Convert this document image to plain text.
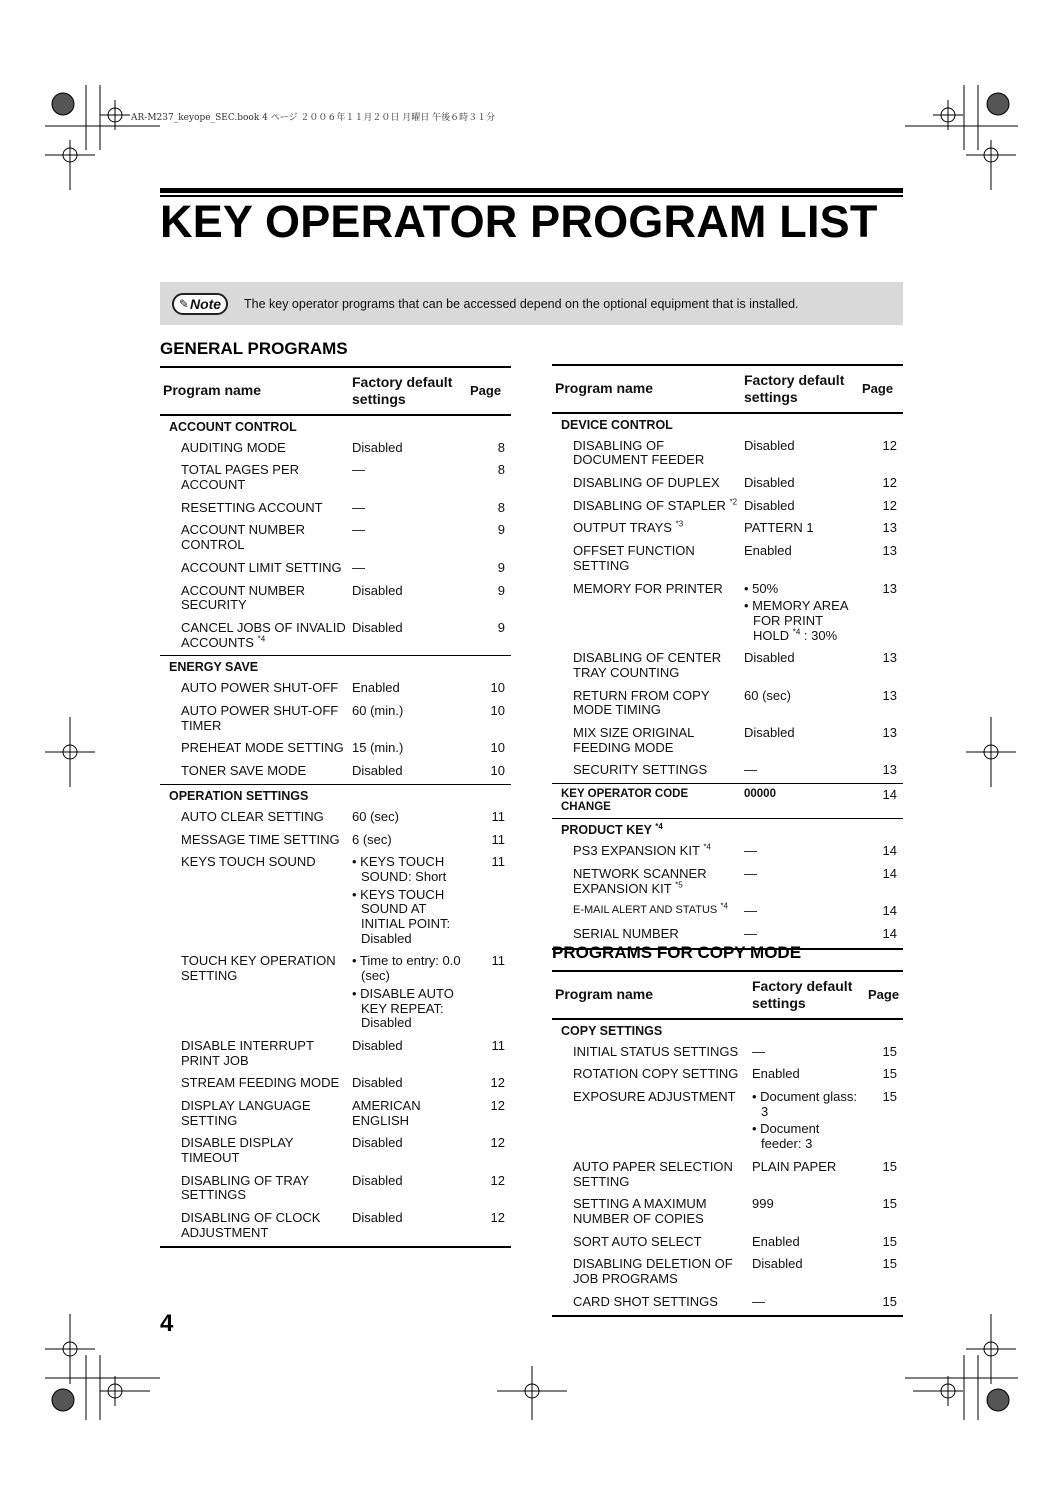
AR-M237_keyope_SEC.book 4 ページ ２００６年１１月２０日 月曜日 午後６時３１分
KEY OPERATOR PROGRAM LIST
✎ Note The key operator programs that can be accessed depend on the optional equipment that is installed.
GENERAL PROGRAMS
Program name	Factory default settings	Page
ACCOUNT CONTROL		
AUDITING MODE	Disabled	8
TOTAL PAGES PER ACCOUNT	—	8
RESETTING ACCOUNT	—	8
ACCOUNT NUMBER CONTROL	—	9
ACCOUNT LIMIT SETTING	—	9
ACCOUNT NUMBER SECURITY	Disabled	9
CANCEL JOBS OF INVALID ACCOUNTS $^{*4}$	Disabled	9
ENERGY SAVE		
AUTO POWER SHUT-OFF	Enabled	10
AUTO POWER SHUT-OFF TIMER	60 (min.)	10
PREHEAT MODE SETTING	15 (min.)	10
TONER SAVE MODE	Disabled	10
OPERATION SETTINGS		
AUTO CLEAR SETTING	60 (sec)	11
MESSAGE TIME SETTING	6 (sec)	11
KEYS TOUCH SOUND	• KEYS TOUCH SOUND: Short
• KEYS TOUCH SOUND AT INITIAL POINT: Disabled	11
TOUCH KEY OPERATION SETTING	• Time to entry: 0.0 (sec)
• DISABLE AUTO KEY REPEAT: Disabled	11
DISABLE INTERRUPT PRINT JOB	Disabled	11
STREAM FEEDING MODE	Disabled	12
DISPLAY LANGUAGE SETTING	AMERICAN ENGLISH	12
DISABLE DISPLAY TIMEOUT	Disabled	12
DISABLING OF TRAY SETTINGS	Disabled	12
DISABLING OF CLOCK ADJUSTMENT	Disabled	12
Program name	Factory default settings	Page
DEVICE CONTROL		
DISABLING OF DOCUMENT FEEDER	Disabled	12
DISABLING OF DUPLEX	Disabled	12
DISABLING OF STAPLER $^{*2}$	Disabled	12
OUTPUT TRAYS $^{*3}$	PATTERN 1	13
OFFSET FUNCTION SETTING	Enabled	13
MEMORY FOR PRINTER	• 50%
• MEMORY AREA FOR PRINT HOLD $^{*4}$ : 30%	13
DISABLING OF CENTER TRAY COUNTING	Disabled	13
RETURN FROM COPY MODE TIMING	60 (sec)	13
MIX SIZE ORIGINAL FEEDING MODE	Disabled	13
SECURITY SETTINGS	—	13
KEY OPERATOR CODE CHANGE	00000	14
PRODUCT KEY $^{*4}$
PS3 EXPANSION KIT $^{*4}$	—	14
NETWORK SCANNER EXPANSION KIT $^{*5}$	—	14
E-MAIL ALERT AND STATUS $^{*4}$	—	14
SERIAL NUMBER	—	14
PROGRAMS FOR COPY MODE
Program name	Factory default settings	Page
COPY SETTINGS		
INITIAL STATUS SETTINGS	—	15
ROTATION COPY SETTING	Enabled	15
EXPOSURE ADJUSTMENT	• Document glass: 3
• Document feeder: 3	15
AUTO PAPER SELECTION SETTING	PLAIN PAPER	15
SETTING A MAXIMUM NUMBER OF COPIES	999	15
SORT AUTO SELECT	Enabled	15
DISABLING DELETION OF JOB PROGRAMS	Disabled	15
CARD SHOT SETTINGS	—	15
4
